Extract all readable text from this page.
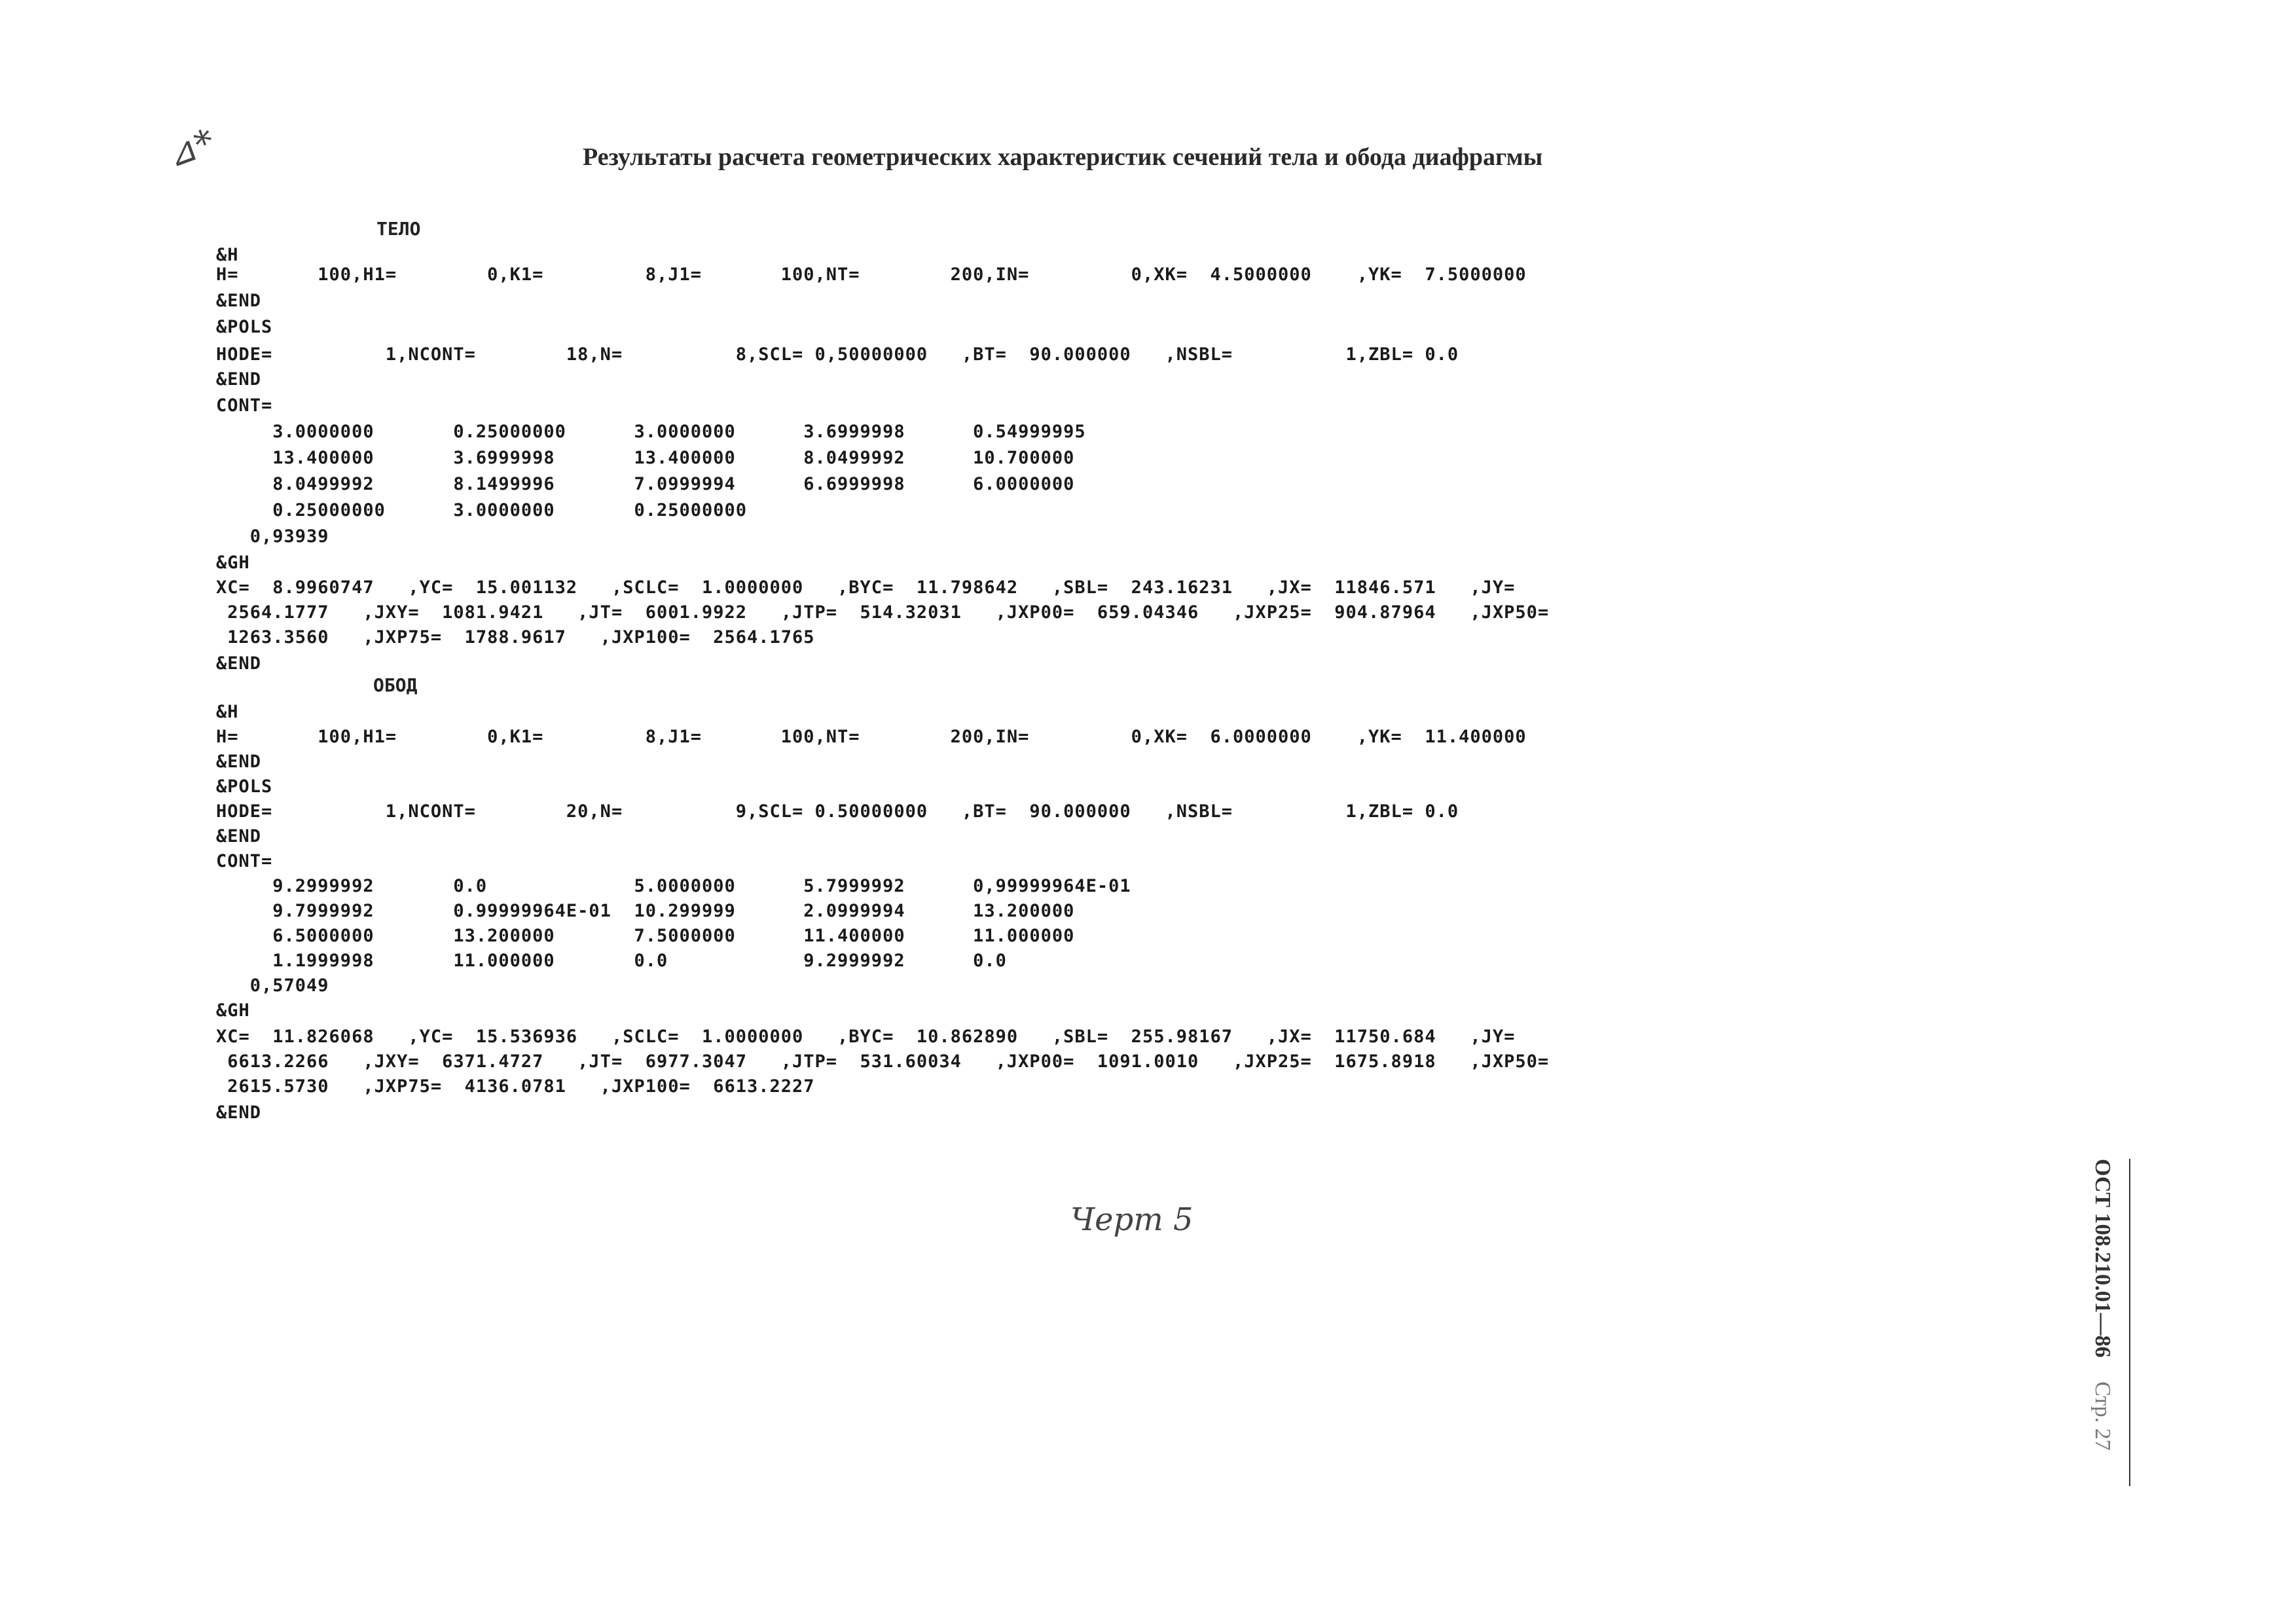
⊿*	Результаты расчета геометрических характеристик сечений тела и обода диафрагмы
ТЕЛО
&H
H=       100,H1=        0,K1=         8,J1=       100,NT=        200,IN=         0,XK=  4.5000000    ,YK=  7.5000000
&END
&POLS
HODE=          1,NCONT=        18,N=          8,SCL= 0,50000000   ,BT=  90.000000   ,NSBL=          1,ZBL= 0.0
&END
CONT=
3.0000000       0.25000000      3.0000000      3.6999998      0.54999995
13.400000       3.6999998       13.400000      8.0499992      10.700000
8.0499992       8.1499996       7.0999994      6.6999998      6.0000000
0.25000000      3.0000000       0.25000000
0,93939
&GH
XC=  8.9960747   ,YC=  15.001132   ,SCLC=  1.0000000   ,BYC=  11.798642   ,SBL=  243.16231   ,JX=  11846.571   ,JY=
2564.1777   ,JXY=  1081.9421   ,JT=  6001.9922   ,JTP=  514.32031   ,JXP00=  659.04346   ,JXP25=  904.87964   ,JXP50=
1263.3560   ,JXP75=  1788.9617   ,JXP100=  2564.1765
&END
ОБОД
&H
H=       100,H1=        0,K1=         8,J1=       100,NT=        200,IN=         0,XK=  6.0000000    ,YK=  11.400000
&END
&POLS
HODE=          1,NCONT=        20,N=          9,SCL= 0.50000000   ,BT=  90.000000   ,NSBL=          1,ZBL= 0.0
&END
CONT=
9.2999992       0.0             5.0000000      5.7999992      0,99999964E-01
9.7999992       0.99999964E-01  10.299999      2.0999994      13.200000
6.5000000       13.200000       7.5000000      11.400000      11.000000
1.1999998       11.000000       0.0            9.2999992      0.0
0,57049
&GH
XC=  11.826068   ,YC=  15.536936   ,SCLC=  1.0000000   ,BYC=  10.862890   ,SBL=  255.98167   ,JX=  11750.684   ,JY=
6613.2266   ,JXY=  6371.4727   ,JT=  6977.3047   ,JTP=  531.60034   ,JXP00=  1091.0010   ,JXP25=  1675.8918   ,JXP50=
2615.5730   ,JXP75=  4136.0781   ,JXP100=  6613.2227
&END
Черт 5	ОСТ 108.210.01—86 Стр. 27
